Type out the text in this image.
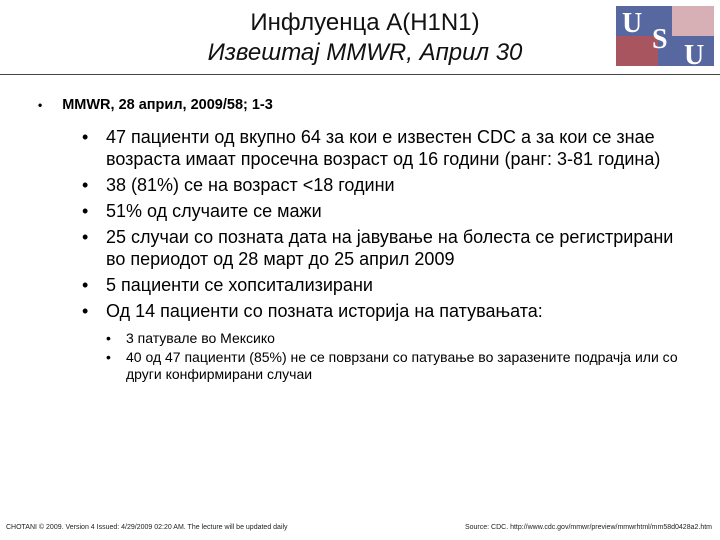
Инфлуенца A(H1N1)
Извештај MMWR, Април 30
U
S
U
• MMWR, 28 април, 2009/58; 1-3
• 47 пациенти од вкупно 64 за кои е известен CDC а за кои се знае возраста имаат просечна возраст од 16 години (ранг: 3-81 година)
• 38 (81%) се на возраст <18 години
• 51% од случаите се мажи
• 25 случаи со позната дата на јавување на болеста се регистрирани во периодот од 28 март до 25 април 2009
• 5 пациенти се хопситализирани
• Од 14 пациенти со позната историја на патувањата:
• 3 патувале во Мексико
• 40 од 47 пациенти (85%) не се поврзани со патување во заразените подрачја или со други конфирмирани случаи
CHOTANI © 2009. Version 4 Issued: 4/29/2009 02:20 AM. The lecture will be updated daily	Source: CDC. http://www.cdc.gov/mmwr/preview/mmwrhtml/mm58d0428a2.htm
